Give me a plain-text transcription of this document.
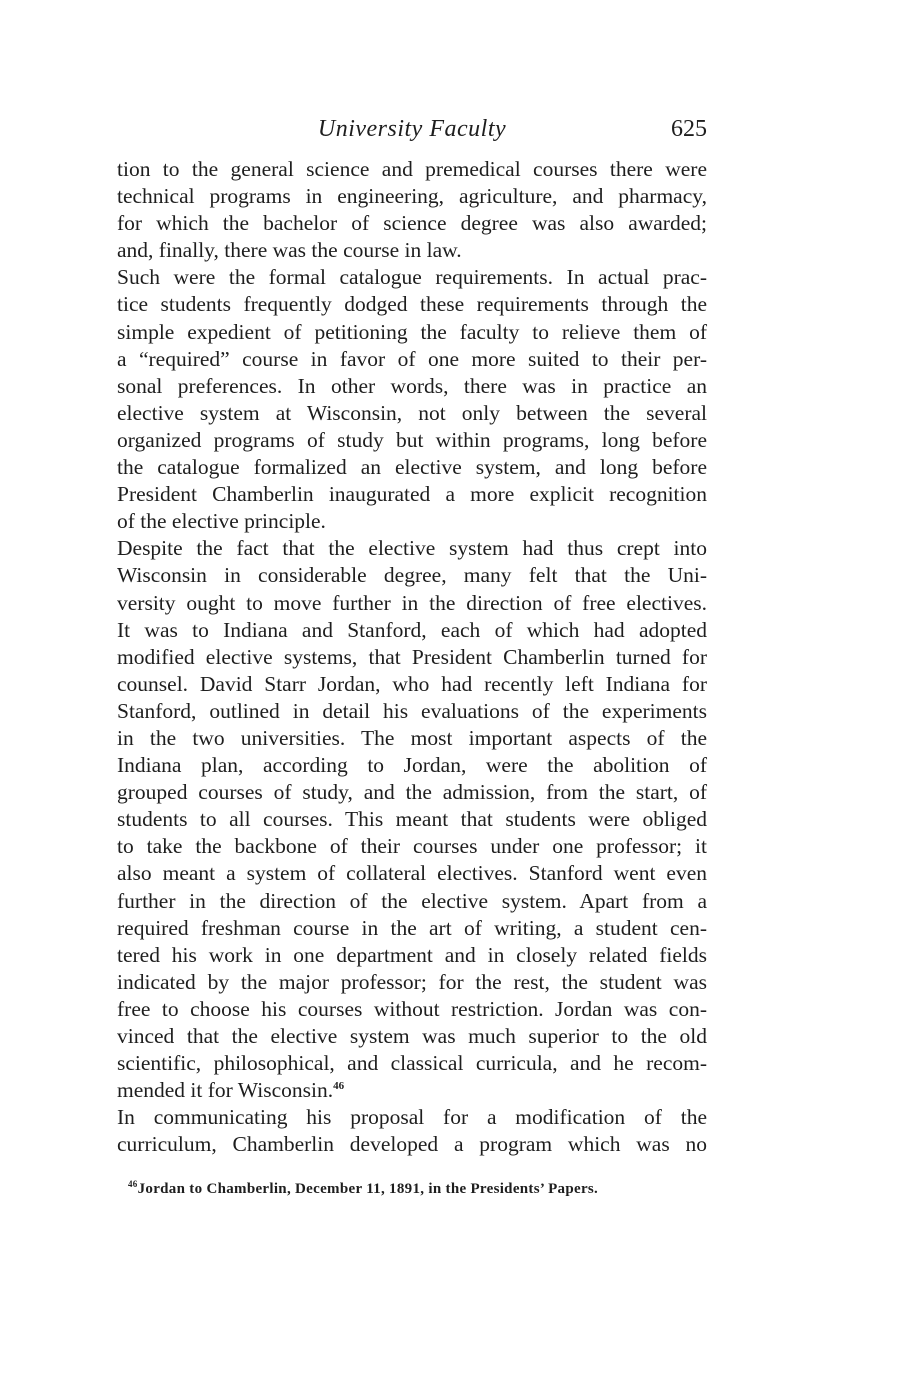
University Faculty	625
tion to the general science and premedical courses there were
technical programs in engineering, agriculture, and pharmacy,
for which the bachelor of science degree was also awarded;
and, finally, there was the course in law.
Such were the formal catalogue requirements. In actual prac-
tice students frequently dodged these requirements through the
simple expedient of petitioning the faculty to relieve them of
a “required” course in favor of one more suited to their per-
sonal preferences. In other words, there was in practice an
elective system at Wisconsin, not only between the several
organized programs of study but within programs, long before
the catalogue formalized an elective system, and long before
President Chamberlin inaugurated a more explicit recognition
of the elective principle.
Despite the fact that the elective system had thus crept into
Wisconsin in considerable degree, many felt that the Uni-
versity ought to move further in the direction of free electives.
It was to Indiana and Stanford, each of which had adopted
modified elective systems, that President Chamberlin turned for
counsel. David Starr Jordan, who had recently left Indiana for
Stanford, outlined in detail his evaluations of the experiments
in the two universities. The most important aspects of the
Indiana plan, according to Jordan, were the abolition of
grouped courses of study, and the admission, from the start, of
students to all courses. This meant that students were obliged
to take the backbone of their courses under one professor; it
also meant a system of collateral electives. Stanford went even
further in the direction of the elective system. Apart from a
required freshman course in the art of writing, a student cen-
tered his work in one department and in closely related fields
indicated by the major professor; for the rest, the student was
free to choose his courses without restriction. Jordan was con-
vinced that the elective system was much superior to the old
scientific, philosophical, and classical curricula, and he recom-
mended it for Wisconsin.$^{46}$
In communicating his proposal for a modification of the
curriculum, Chamberlin developed a program which was no
$^{46}$Jordan to Chamberlin, December 11, 1891, in the Presidents’ Papers.
